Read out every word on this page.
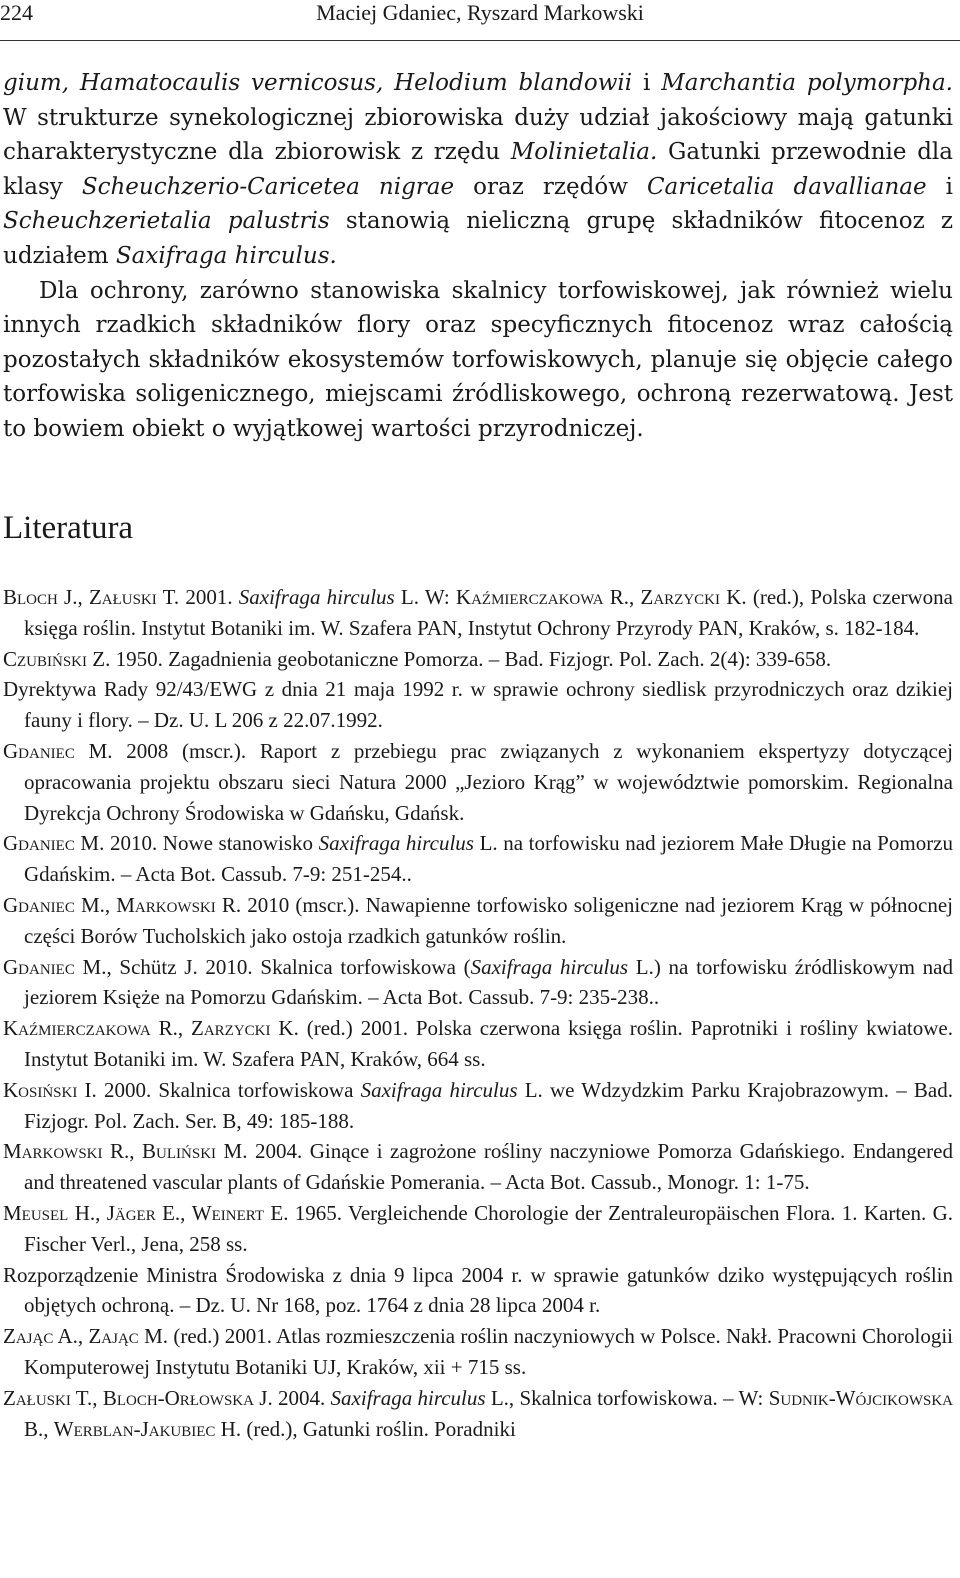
224	Maciej Gdaniec, Ryszard Markowski

gium, Hamatocaulis vernicosus, Helodium blandowii i Marchantia polymorpha. W strukturze synekologicznej zbiorowiska duży udział jakościowy mają gatunki charakterystyczne dla zbiorowisk z rzędu Molinietalia. Gatunki przewodnie dla klasy Scheuchzerio-Caricetea nigrae oraz rzędów Caricetalia davallianae i Scheuchzerietalia palustris stanowią nieliczną grupę składników fitocenoz z udziałem Saxifraga hirculus.

Dla ochrony, zarówno stanowiska skalnicy torfowiskowej, jak również wielu innych rzadkich składników flory oraz specyficznych fitocenoz wraz całością pozostałych składników ekosystemów torfowiskowych, planuje się objęcie całego torfowiska soligenicznego, miejscami źródliskowego, ochroną rezerwatową. Jest to bowiem obiekt o wyjątkowej wartości przyrodniczej.

Literatura

Bloch J., Załuski T. 2001. Saxifraga hirculus L. W: Kaźmierczakowa R., Zarzycki K. (red.), Polska czerwona księga roślin. Instytut Botaniki im. W. Szafera PAN, Instytut Ochrony Przyrody PAN, Kraków, s. 182-184.

Czubiński Z. 1950. Zagadnienia geobotaniczne Pomorza. – Bad. Fizjogr. Pol. Zach. 2(4): 339-658.

Dyrektywa Rady 92/43/EWG z dnia 21 maja 1992 r. w sprawie ochrony siedlisk przyrodniczych oraz dzikiej fauny i flory. – Dz. U. L 206 z 22.07.1992.

Gdaniec M. 2008 (mscr.). Raport z przebiegu prac związanych z wykonaniem ekspertyzy dotyczącej opracowania projektu obszaru sieci Natura 2000 „Jezioro Krąg” w województwie pomorskim. Regionalna Dyrekcja Ochrony Środowiska w Gdańsku, Gdańsk.

Gdaniec M. 2010. Nowe stanowisko Saxifraga hirculus L. na torfowisku nad jeziorem Małe Długie na Pomorzu Gdańskim. – Acta Bot. Cassub. 7-9: 251-254..

Gdaniec M., Markowski R. 2010 (mscr.). Nawapienne torfowisko soligeniczne nad jeziorem Krąg w północnej części Borów Tucholskich jako ostoja rzadkich gatunków roślin.

Gdaniec M., Schütz J. 2010. Skalnica torfowiskowa (Saxifraga hirculus L.) na torfowisku źródliskowym nad jeziorem Księże na Pomorzu Gdańskim. – Acta Bot. Cassub. 7-9: 235-238..

Kaźmierczakowa R., Zarzycki K. (red.) 2001. Polska czerwona księga roślin. Paprotniki i rośliny kwiatowe. Instytut Botaniki im. W. Szafera PAN, Kraków, 664 ss.

Kosiński I. 2000. Skalnica torfowiskowa Saxifraga hirculus L. we Wdzydzkim Parku Krajobrazowym. – Bad. Fizjogr. Pol. Zach. Ser. B, 49: 185-188.

Markowski R., Buliński M. 2004. Ginące i zagrożone rośliny naczyniowe Pomorza Gdańskiego. Endangered and threatened vascular plants of Gdańskie Pomerania. – Acta Bot. Cassub., Monogr. 1: 1-75.

Meusel H., Jäger E., Weinert E. 1965. Vergleichende Chorologie der Zentraleuropäischen Flora. 1. Karten. G. Fischer Verl., Jena, 258 ss.

Rozporządzenie Ministra Środowiska z dnia 9 lipca 2004 r. w sprawie gatunków dziko występujących roślin objętych ochroną. – Dz. U. Nr 168, poz. 1764 z dnia 28 lipca 2004 r.

Zając A., Zając M. (red.) 2001. Atlas rozmieszczenia roślin naczyniowych w Polsce. Nakł. Pracowni Chorologii Komputerowej Instytutu Botaniki UJ, Kraków, xii + 715 ss.

Załuski T., Bloch-Orłowska J. 2004. Saxifraga hirculus L., Skalnica torfowiskowa. – W: Sudnik-Wójcikowska B., Werblan-Jakubiec H. (red.), Gatunki roślin. Poradniki
